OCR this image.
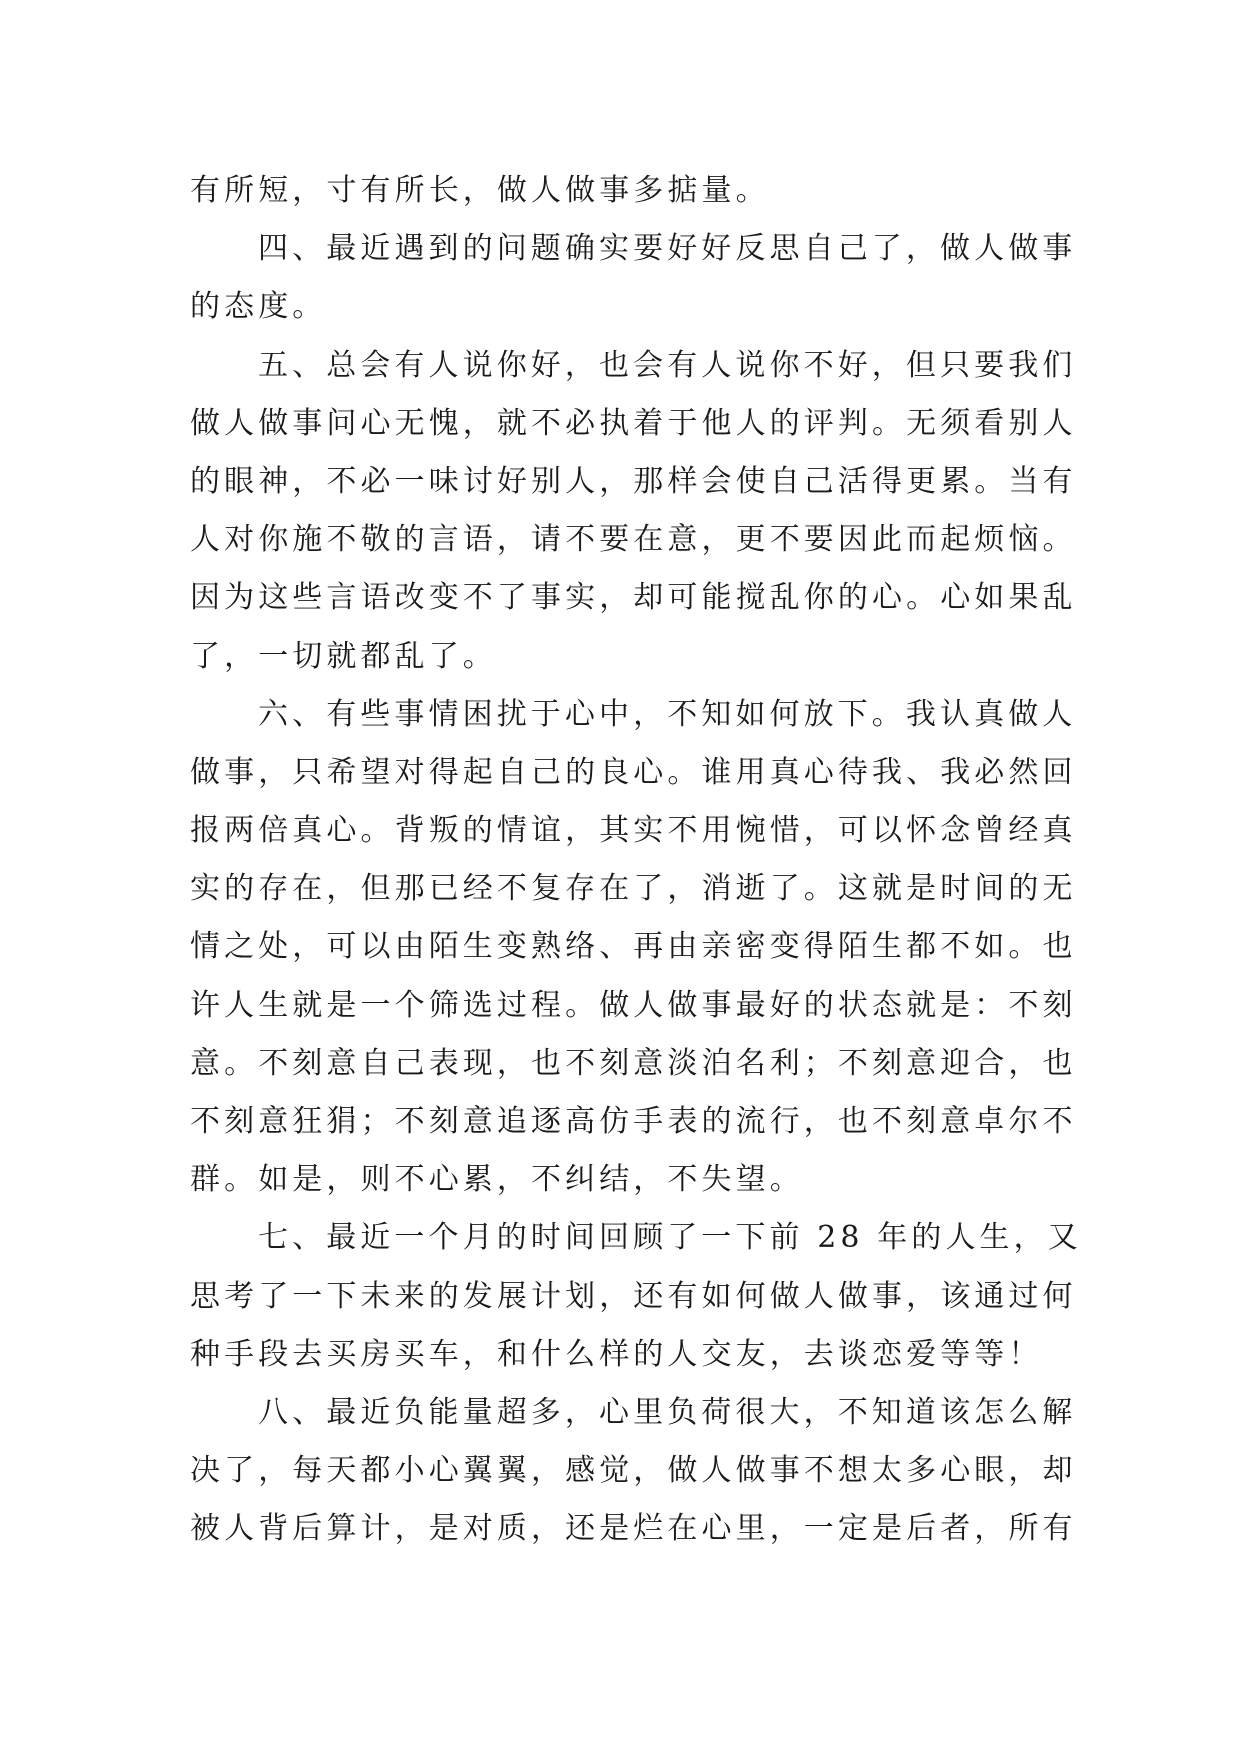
有所短，寸有所长，做人做事多掂量。
四、最近遇到的问题确实要好好反思自己了，做人做事
的态度。
五、总会有人说你好，也会有人说你不好，但只要我们
做人做事问心无愧，就不必执着于他人的评判。无须看别人
的眼神，不必一味讨好别人，那样会使自己活得更累。当有
人对你施不敬的言语，请不要在意，更不要因此而起烦恼。
因为这些言语改变不了事实，却可能搅乱你的心。心如果乱
了，一切就都乱了。
六、有些事情困扰于心中，不知如何放下。我认真做人
做事，只希望对得起自己的良心。谁用真心待我、我必然回
报两倍真心。背叛的情谊，其实不用惋惜，可以怀念曾经真
实的存在，但那已经不复存在了，消逝了。这就是时间的无
情之处，可以由陌生变熟络、再由亲密变得陌生都不如。也
许人生就是一个筛选过程。做人做事最好的状态就是：不刻
意。不刻意自己表现，也不刻意淡泊名利；不刻意迎合，也
不刻意狂狷；不刻意追逐高仿手表的流行，也不刻意卓尔不
群。如是，则不心累，不纠结，不失望。
七、最近一个月的时间回顾了一下前 28 年的人生，又
思考了一下未来的发展计划，还有如何做人做事，该通过何
种手段去买房买车，和什么样的人交友，去谈恋爱等等！
八、最近负能量超多，心里负荷很大，不知道该怎么解
决了，每天都小心翼翼，感觉，做人做事不想太多心眼，却
被人背后算计，是对质，还是烂在心里，一定是后者，所有
